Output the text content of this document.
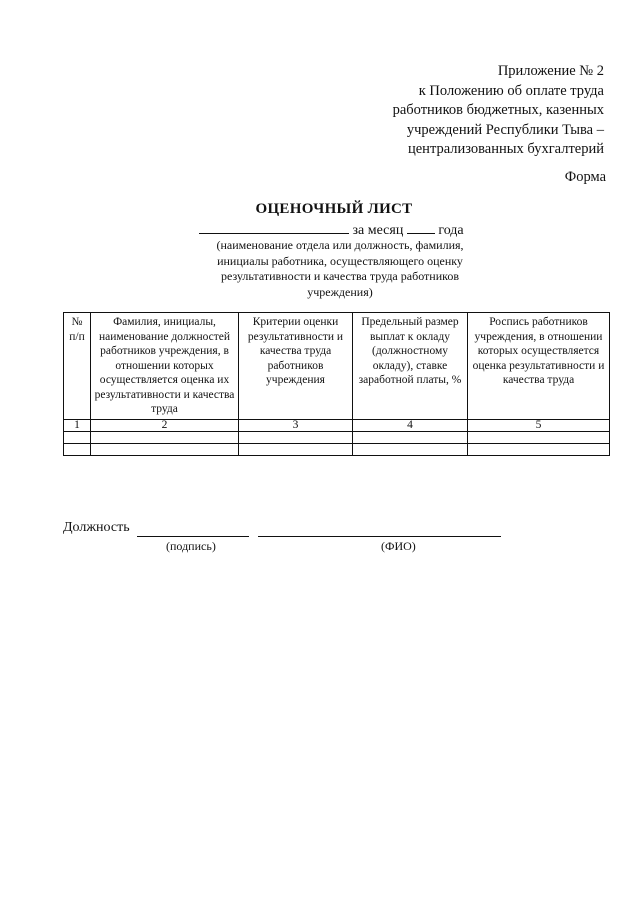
Приложение № 2
к Положению об оплате труда
работников бюджетных, казенных
учреждений Республики Тыва –
централизованных бухгалтерий
Форма
ОЦЕНОЧНЫЙ ЛИСТ
за месяц	года
(наименование отдела или должность, фамилия, инициалы работника, осуществляющего оценку результативности и качества труда работников учреждения)
№ п/п	Фамилия, инициалы, наименование должностей работников учреждения, в отношении которых осуществляется оценка их результативности и качества труда	Критерии оценки результативности и качества труда работников учреждения	Предельный размер выплат к окладу (должностному окладу), ставке заработной платы, %	Роспись работников учреждения, в отношении которых осуществляется оценка результативности и качества труда
1	2	3	4	5

Должность
(подпись)	(ФИО)
